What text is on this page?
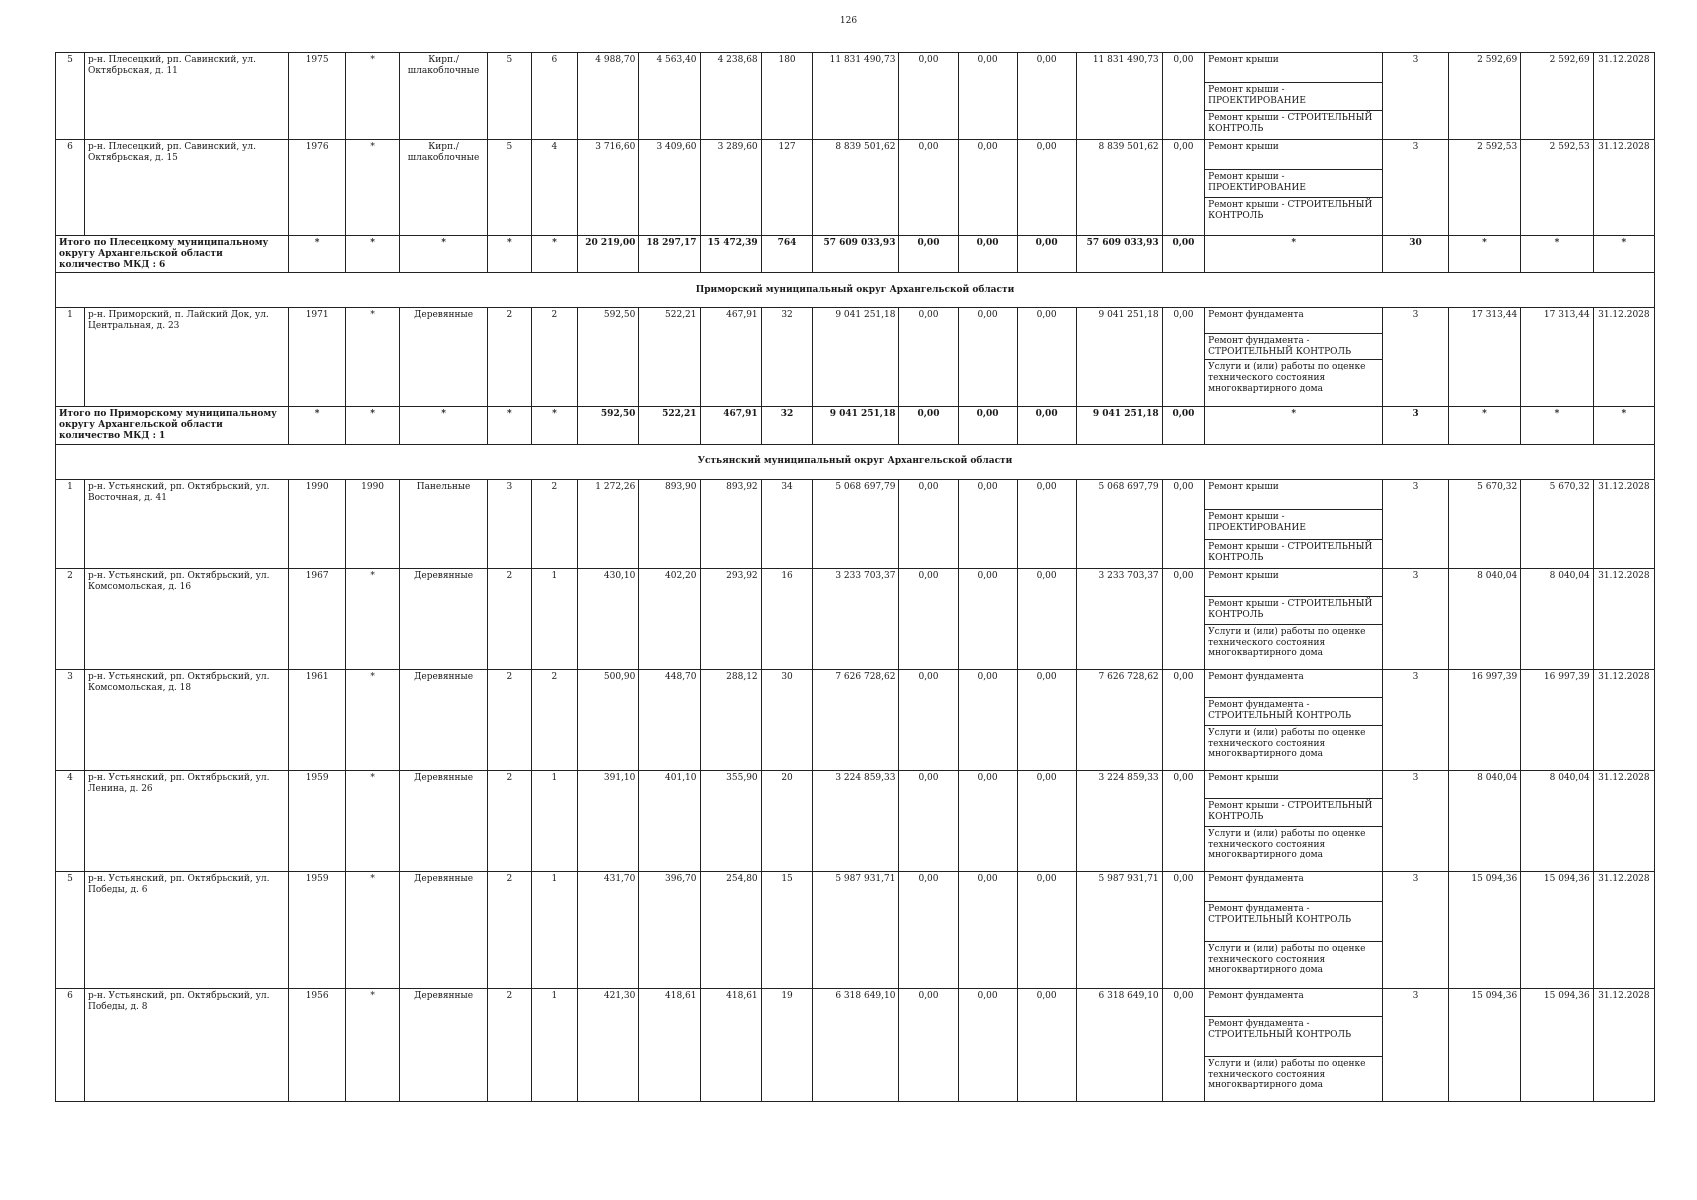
126
5	р-н. Плесецкий, рп. Савинский, ул. Октябрьская, д. 11	1975	*	Кирп./ шлакоблочные	5	6	4 988,70	4 563,40	4 238,68	180	11 831 490,73	0,00	0,00	0,00	11 831 490,73	0,00	Ремонт крыши
Ремонт крыши - ПРОЕКТИРОВАНИЕ
Ремонт крыши - СТРОИТЕЛЬНЫЙ КОНТРОЛЬ	3	2 592,69	2 592,69	31.12.2028
6	р-н. Плесецкий, рп. Савинский, ул. Октябрьская, д. 15	1976	*	Кирп./ шлакоблочные	5	4	3 716,60	3 409,60	3 289,60	127	8 839 501,62	0,00	0,00	0,00	8 839 501,62	0,00	Ремонт крыши
Ремонт крыши - ПРОЕКТИРОВАНИЕ
Ремонт крыши - СТРОИТЕЛЬНЫЙ КОНТРОЛЬ	3	2 592,53	2 592,53	31.12.2028
Итого по Плесецкому муниципальному округу Архангельской области количество МКД : 6		*	*	*	*	*	20 219,00	18 297,17	15 472,39	764	57 609 033,93	0,00	0,00	0,00	57 609 033,93	0,00	*	30	*	*	*
Приморский муниципальный округ Архангельской области																					
1	р-н. Приморский, п. Лайский Док, ул. Центральная, д. 23	1971	*	Деревянные	2	2	592,50	522,21	467,91	32	9 041 251,18	0,00	0,00	0,00	9 041 251,18	0,00	Ремонт фундамента
Ремонт фундамента - СТРОИТЕЛЬНЫЙ КОНТРОЛЬ
Услуги и (или) работы по оценке технического состояния многоквартирного дома	3	17 313,44	17 313,44	31.12.2028
Итого по Приморскому муниципальному округу Архангельской области количество МКД : 1		*	*	*	*	*	592,50	522,21	467,91	32	9 041 251,18	0,00	0,00	0,00	9 041 251,18	0,00	*	3	*	*	*
Устьянский муниципальный округ Архангельской области																					
1	р-н. Устьянский, рп. Октябрьский, ул. Восточная, д. 41	1990	1990	Панельные	3	2	1 272,26	893,90	893,92	34	5 068 697,79	0,00	0,00	0,00	5 068 697,79	0,00	Ремонт крыши
Ремонт крыши - ПРОЕКТИРОВАНИЕ
Ремонт крыши - СТРОИТЕЛЬНЫЙ КОНТРОЛЬ	3	5 670,32	5 670,32	31.12.2028
2	р-н. Устьянский, рп. Октябрьский, ул. Комсомольская, д. 16	1967	*	Деревянные	2	1	430,10	402,20	293,92	16	3 233 703,37	0,00	0,00	0,00	3 233 703,37	0,00	Ремонт крыши
Ремонт крыши - СТРОИТЕЛЬНЫЙ КОНТРОЛЬ
Услуги и (или) работы по оценке технического состояния многоквартирного дома	3	8 040,04	8 040,04	31.12.2028
3	р-н. Устьянский, рп. Октябрьский, ул. Комсомольская, д. 18	1961	*	Деревянные	2	2	500,90	448,70	288,12	30	7 626 728,62	0,00	0,00	0,00	7 626 728,62	0,00	Ремонт фундамента
Ремонт фундамента - СТРОИТЕЛЬНЫЙ КОНТРОЛЬ
Услуги и (или) работы по оценке технического состояния многоквартирного дома	3	16 997,39	16 997,39	31.12.2028
4	р-н. Устьянский, рп. Октябрьский, ул. Ленина, д. 26	1959	*	Деревянные	2	1	391,10	401,10	355,90	20	3 224 859,33	0,00	0,00	0,00	3 224 859,33	0,00	Ремонт крыши
Ремонт крыши - СТРОИТЕЛЬНЫЙ КОНТРОЛЬ
Услуги и (или) работы по оценке технического состояния многоквартирного дома	3	8 040,04	8 040,04	31.12.2028
5	р-н. Устьянский, рп. Октябрьский, ул. Победы, д. 6	1959	*	Деревянные	2	1	431,70	396,70	254,80	15	5 987 931,71	0,00	0,00	0,00	5 987 931,71	0,00	Ремонт фундамента
Ремонт фундамента - СТРОИТЕЛЬНЫЙ КОНТРОЛЬ
Услуги и (или) работы по оценке технического состояния многоквартирного дома	3	15 094,36	15 094,36	31.12.2028
6	р-н. Устьянский, рп. Октябрьский, ул. Победы, д. 8	1956	*	Деревянные	2	1	421,30	418,61	418,61	19	6 318 649,10	0,00	0,00	0,00	6 318 649,10	0,00	Ремонт фундамента
Ремонт фундамента - СТРОИТЕЛЬНЫЙ КОНТРОЛЬ
Услуги и (или) работы по оценке технического состояния многоквартирного дома	3	15 094,36	15 094,36	31.12.2028
